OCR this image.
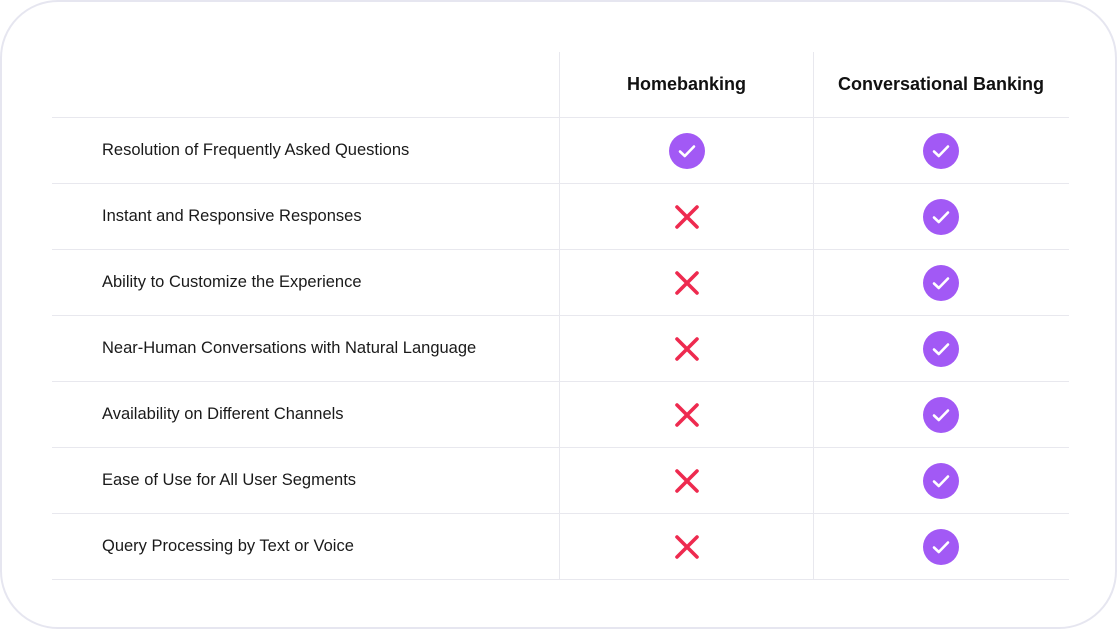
Homebanking	Conversational Banking
Resolution of Frequently Asked Questions
Instant and Responsive Responses
Ability to Customize the Experience
Near-Human Conversations with Natural Language
Availability on Different Channels
Ease of Use for All User Segments
Query Processing by Text or Voice
